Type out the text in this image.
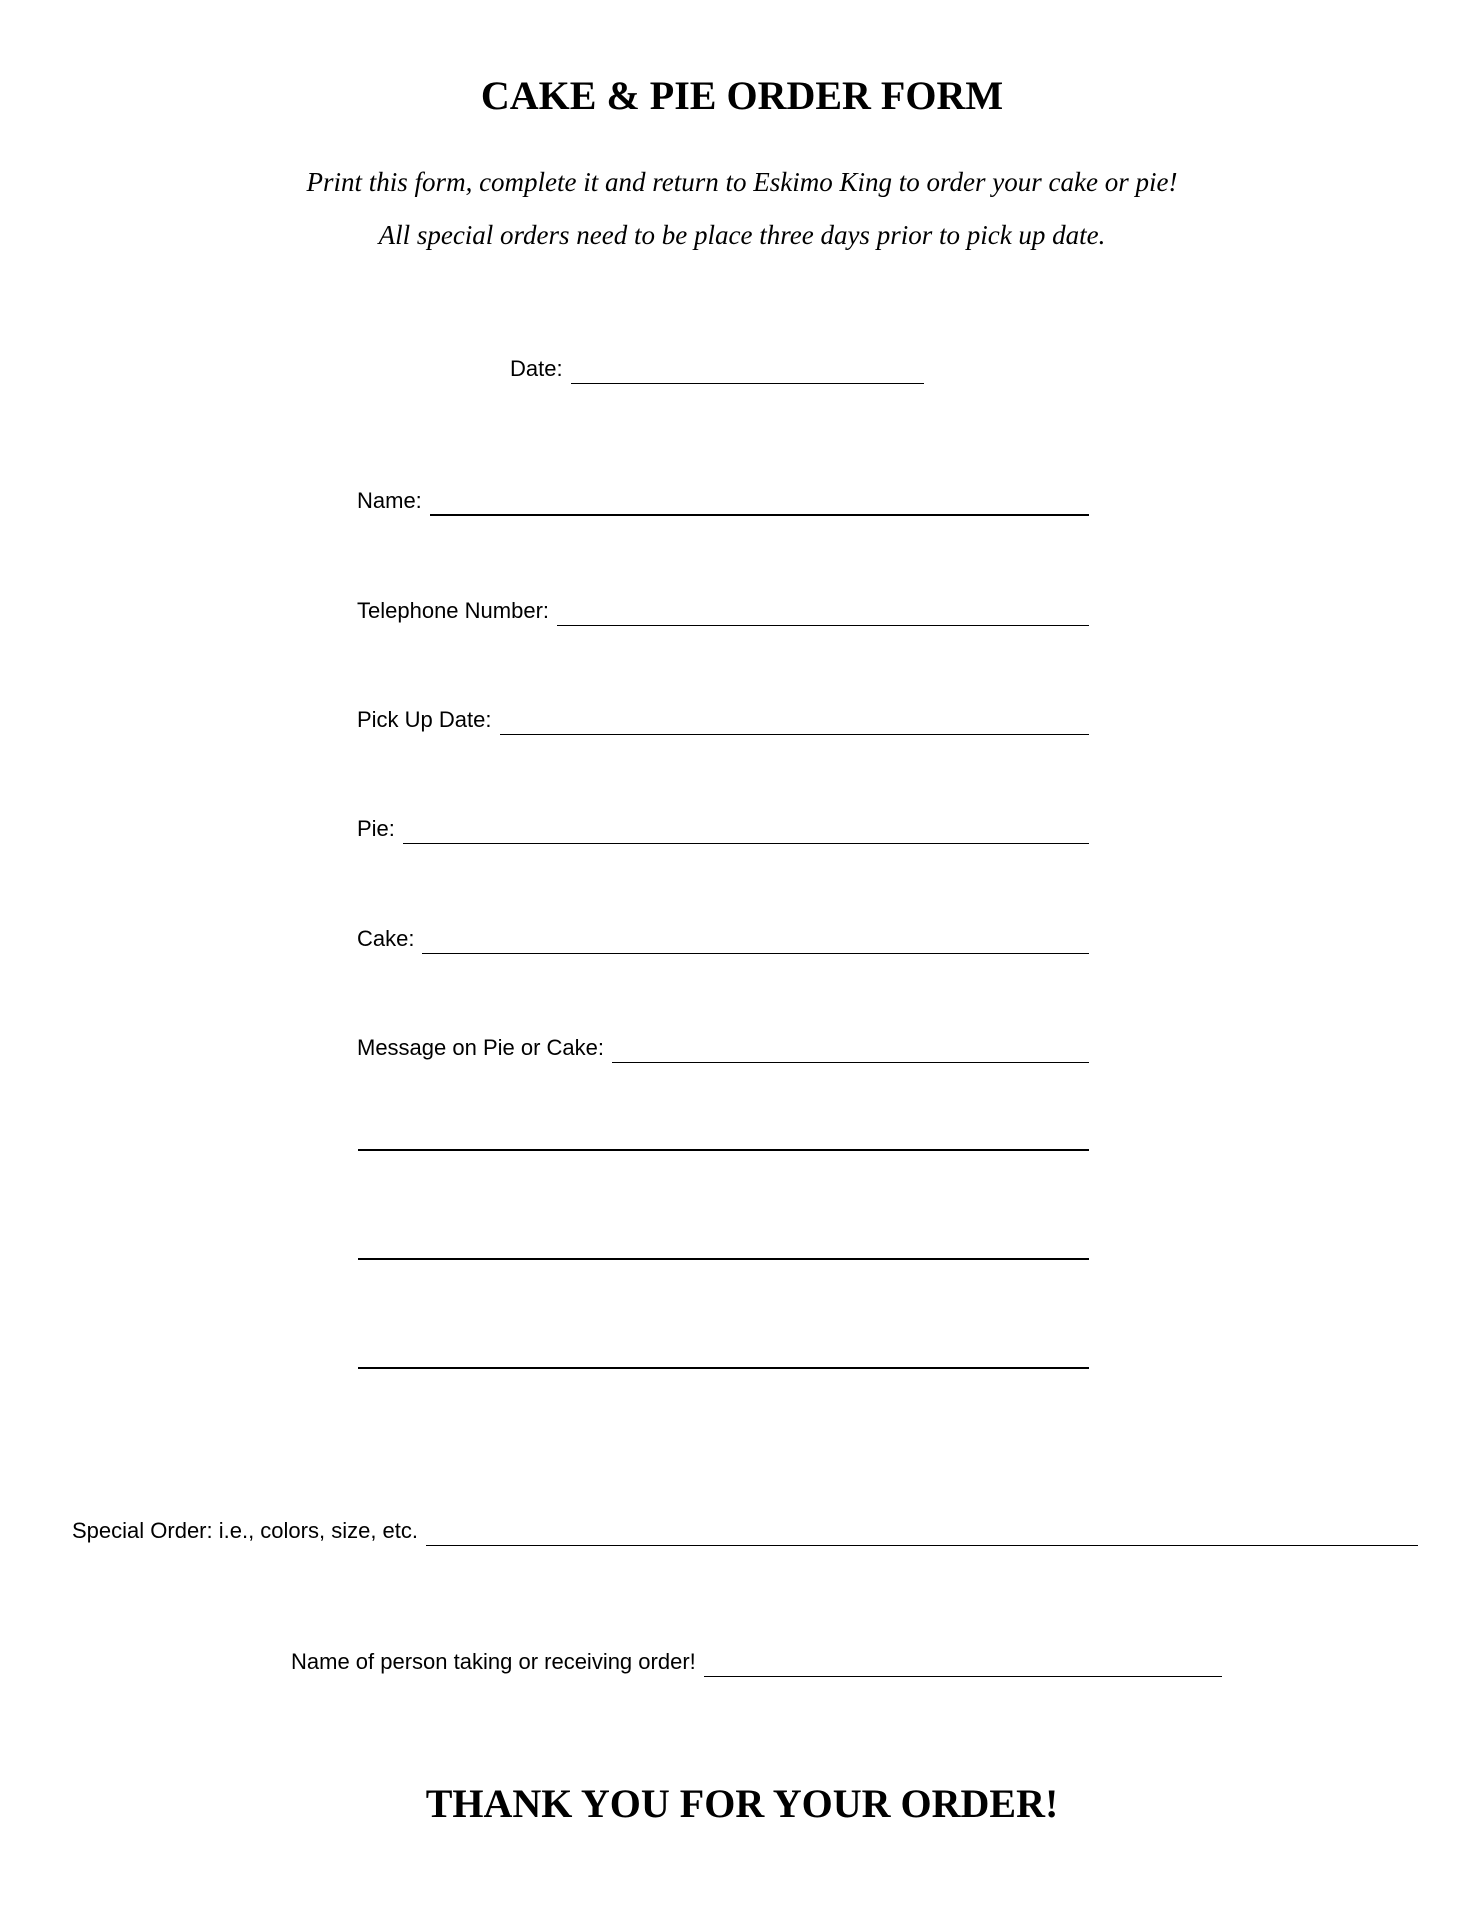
CAKE & PIE ORDER FORM
Print this form, complete it and return to Eskimo King to order your cake or pie!
All special orders need to be place three days prior to pick up date.
Date:
Name:
Telephone Number:
Pick Up Date:
Pie:
Cake:
Message on Pie or Cake:
Special Order: i.e., colors, size, etc.
Name of person taking or receiving order!
THANK YOU FOR YOUR ORDER!
